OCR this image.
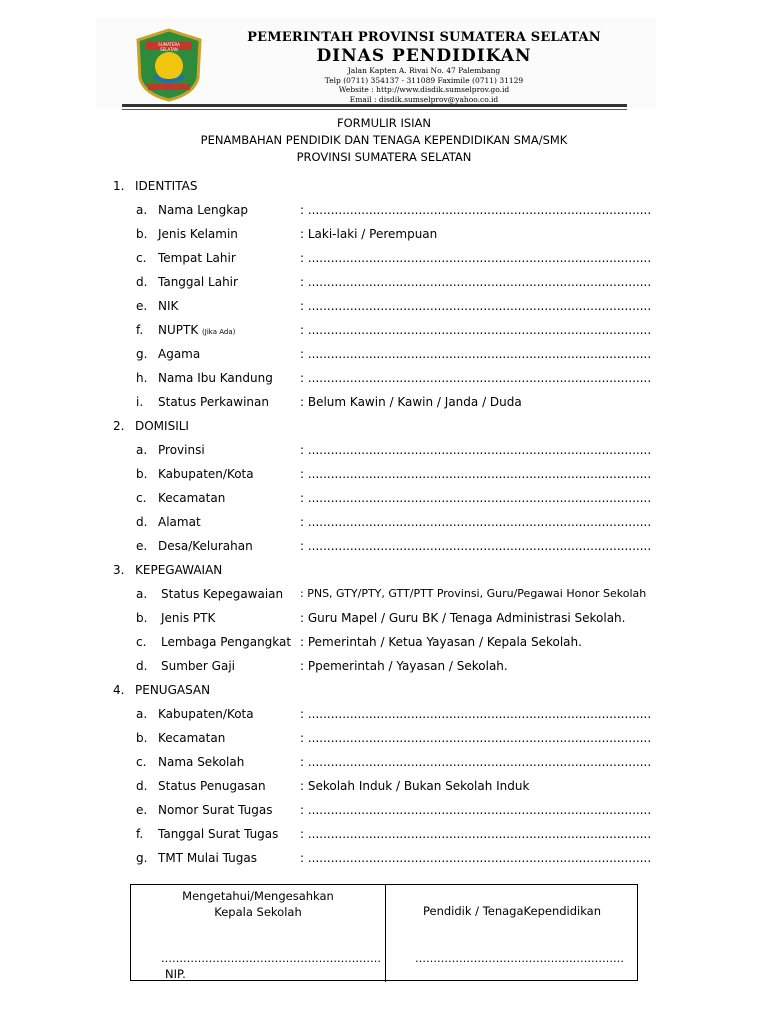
SUMATERA SELATAN
PEMERINTAH PROVINSI SUMATERA SELATAN
DINAS PENDIDIKAN
Jalan Kapten A. Rivai No. 47 Palembang
Telp (0711) 354137 - 311089 Faximile (0711) 31129
Website : http://www.disdik.sumselprov.go.id
Email : disdik.sumselprov@yahoo.co.id
FORMULIR ISIAN
PENAMBAHAN PENDIDIK DAN TENAGA KEPENDIDIKAN SMA/SMK
PROVINSI SUMATERA SELATAN
1. IDENTITAS
a. Nama Lengkap	: ..........................................................................................
b. Jenis Kelamin	: Laki-laki / Perempuan
c. Tempat Lahir	: ..........................................................................................
d. Tanggal Lahir	: ..........................................................................................
e. NIK	: ..........................................................................................
f. NUPTK (Jika Ada)	: ..........................................................................................
g. Agama	: ..........................................................................................
h. Nama Ibu Kandung : ..........................................................................................
i. Status Perkawinan	: Belum Kawin / Kawin / Janda / Duda
2. DOMISILI
a. Provinsi	: ..........................................................................................
b. Kabupaten/Kota	: ..........................................................................................
c. Kecamatan	: ..........................................................................................
d. Alamat	: ..........................................................................................
e. Desa/Kelurahan	: ..........................................................................................
3. KEPEGAWAIAN
a. Status Kepegawaian : PNS, GTY/PTY, GTT/PTT Provinsi, Guru/Pegawai Honor Sekolah
b. Jenis PTK	: Guru Mapel / Guru BK / Tenaga Administrasi Sekolah.
c. Lembaga Pengangkat : Pemerintah / Ketua Yayasan / Kepala Sekolah.
d. Sumber Gaji	: Ppemerintah / Yayasan / Sekolah.
4. PENUGASAN
a. Kabupaten/Kota	: ..........................................................................................
b. Kecamatan	: ..........................................................................................
c. Nama Sekolah	: ..........................................................................................
d. Status Penugasan	: Sekolah Induk / Bukan Sekolah Induk
e. Nomor Surat Tugas : ..........................................................................................
f. Tanggal Surat Tugas : ..........................................................................................
g. TMT Mulai Tugas	: ..........................................................................................
Mengetahui/Mengesahkan
Kepala Sekolah	Pendidik / TenagaKependidikan
……………………………………………………
NIP.
…………………………………………………
